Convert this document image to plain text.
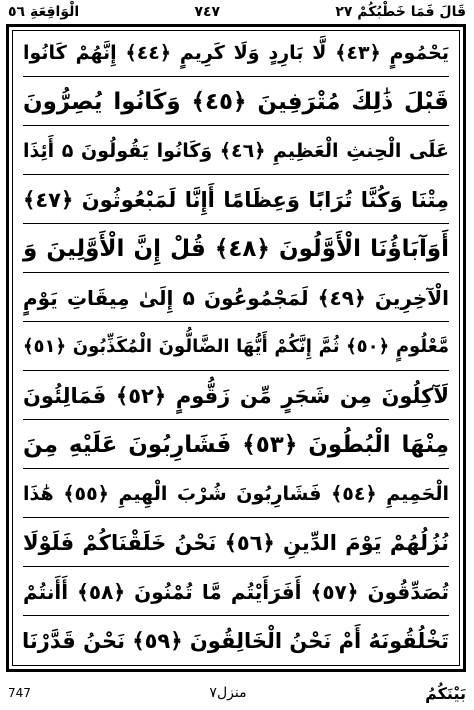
قَالَ فَمَا خَطْبُكُمْ ٢٧
٧٤٧
الْوَاقِعَةِ ٥٦
يَحْمُومٍ ﴿٤٣﴾ لَّا بَارِدٍ وَلَا كَرِيمٍ ﴿٤٤﴾ إِنَّهُمْ كَانُوا
قَبْلَ ذَٰلِكَ مُتْرَفِينَ ﴿٤٥﴾ وَكَانُوا يُصِرُّونَ
عَلَى الْحِنثِ الْعَظِيمِ ﴿٤٦﴾ وَكَانُوا يَقُولُونَ ۵ أَئِذَا
مِتْنَا وَكُنَّا تُرَابًا وَعِظَامًا أَإِنَّا لَمَبْعُوثُونَ ﴿٤٧﴾
أَوَآبَاؤُنَا الْأَوَّلُونَ ﴿٤٨﴾ قُلْ إِنَّ الْأَوَّلِينَ وَ
الْآخِرِينَ ﴿٤٩﴾ لَمَجْمُوعُونَ ۵ إِلَىٰ مِيقَاتِ يَوْمٍ
مَّعْلُومٍ ﴿٥٠﴾ ثُمَّ إِنَّكُمْ أَيُّهَا الضَّالُّونَ الْمُكَذِّبُونَ ﴿٥١﴾
لَآكِلُونَ مِن شَجَرٍ مِّن زَقُّومٍ ﴿٥٢﴾ فَمَالِئُونَ
مِنْهَا الْبُطُونَ ﴿٥٣﴾ فَشَارِبُونَ عَلَيْهِ مِنَ
الْحَمِيمِ ﴿٥٤﴾ فَشَارِبُونَ شُرْبَ الْهِيمِ ﴿٥٥﴾ هَٰذَا
نُزُلُهُمْ يَوْمَ الدِّينِ ﴿٥٦﴾ نَحْنُ خَلَقْنَاكُمْ فَلَوْلَا
تُصَدِّقُونَ ﴿٥٧﴾ أَفَرَأَيْتُم مَّا تُمْنُونَ ﴿٥٨﴾ أَأَنتُمْ
تَخْلُقُونَهُ أَمْ نَحْنُ الْخَالِقُونَ ﴿٥٩﴾ نَحْنُ قَدَّرْنَا
بَيْنَكُمُ
منزل٧
747
